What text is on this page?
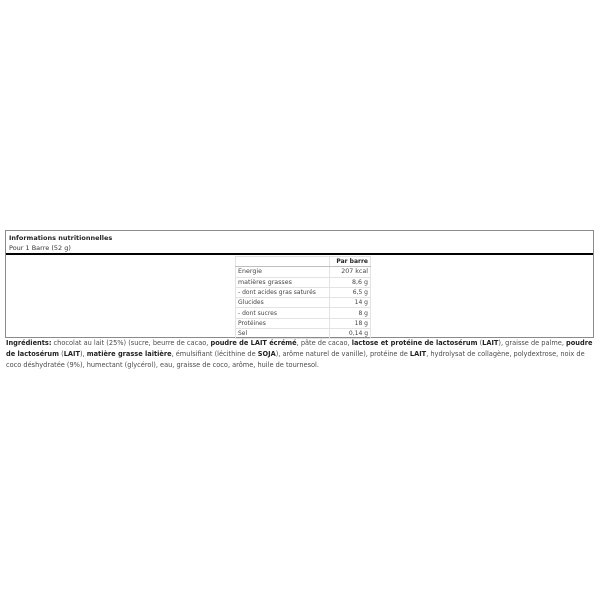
Informations nutritionnelles
Pour 1 Barre (52 g)
	Par barre
Energie	207 kcal
matières grasses	8,6 g
- dont acides gras saturés	6,5 g
Glucides	14 g
- dont sucres	8 g
Protéines	18 g
Sel	0,14 g
Ingrédients: chocolat au lait (25%) (sucre, beurre de cacao, poudre de LAIT écrémé, pâte de cacao, lactose et protéine de lactosérum (LAIT), graisse de palme, poudre de lactosérum (LAIT), matière grasse laitière, émulsifiant (lécithine de SOJA), arôme naturel de vanille), protéine de LAIT, hydrolysat de collagène, polydextrose, noix de coco déshydratée (9%), humectant (glycérol), eau, graisse de coco, arôme, huile de tournesol.
